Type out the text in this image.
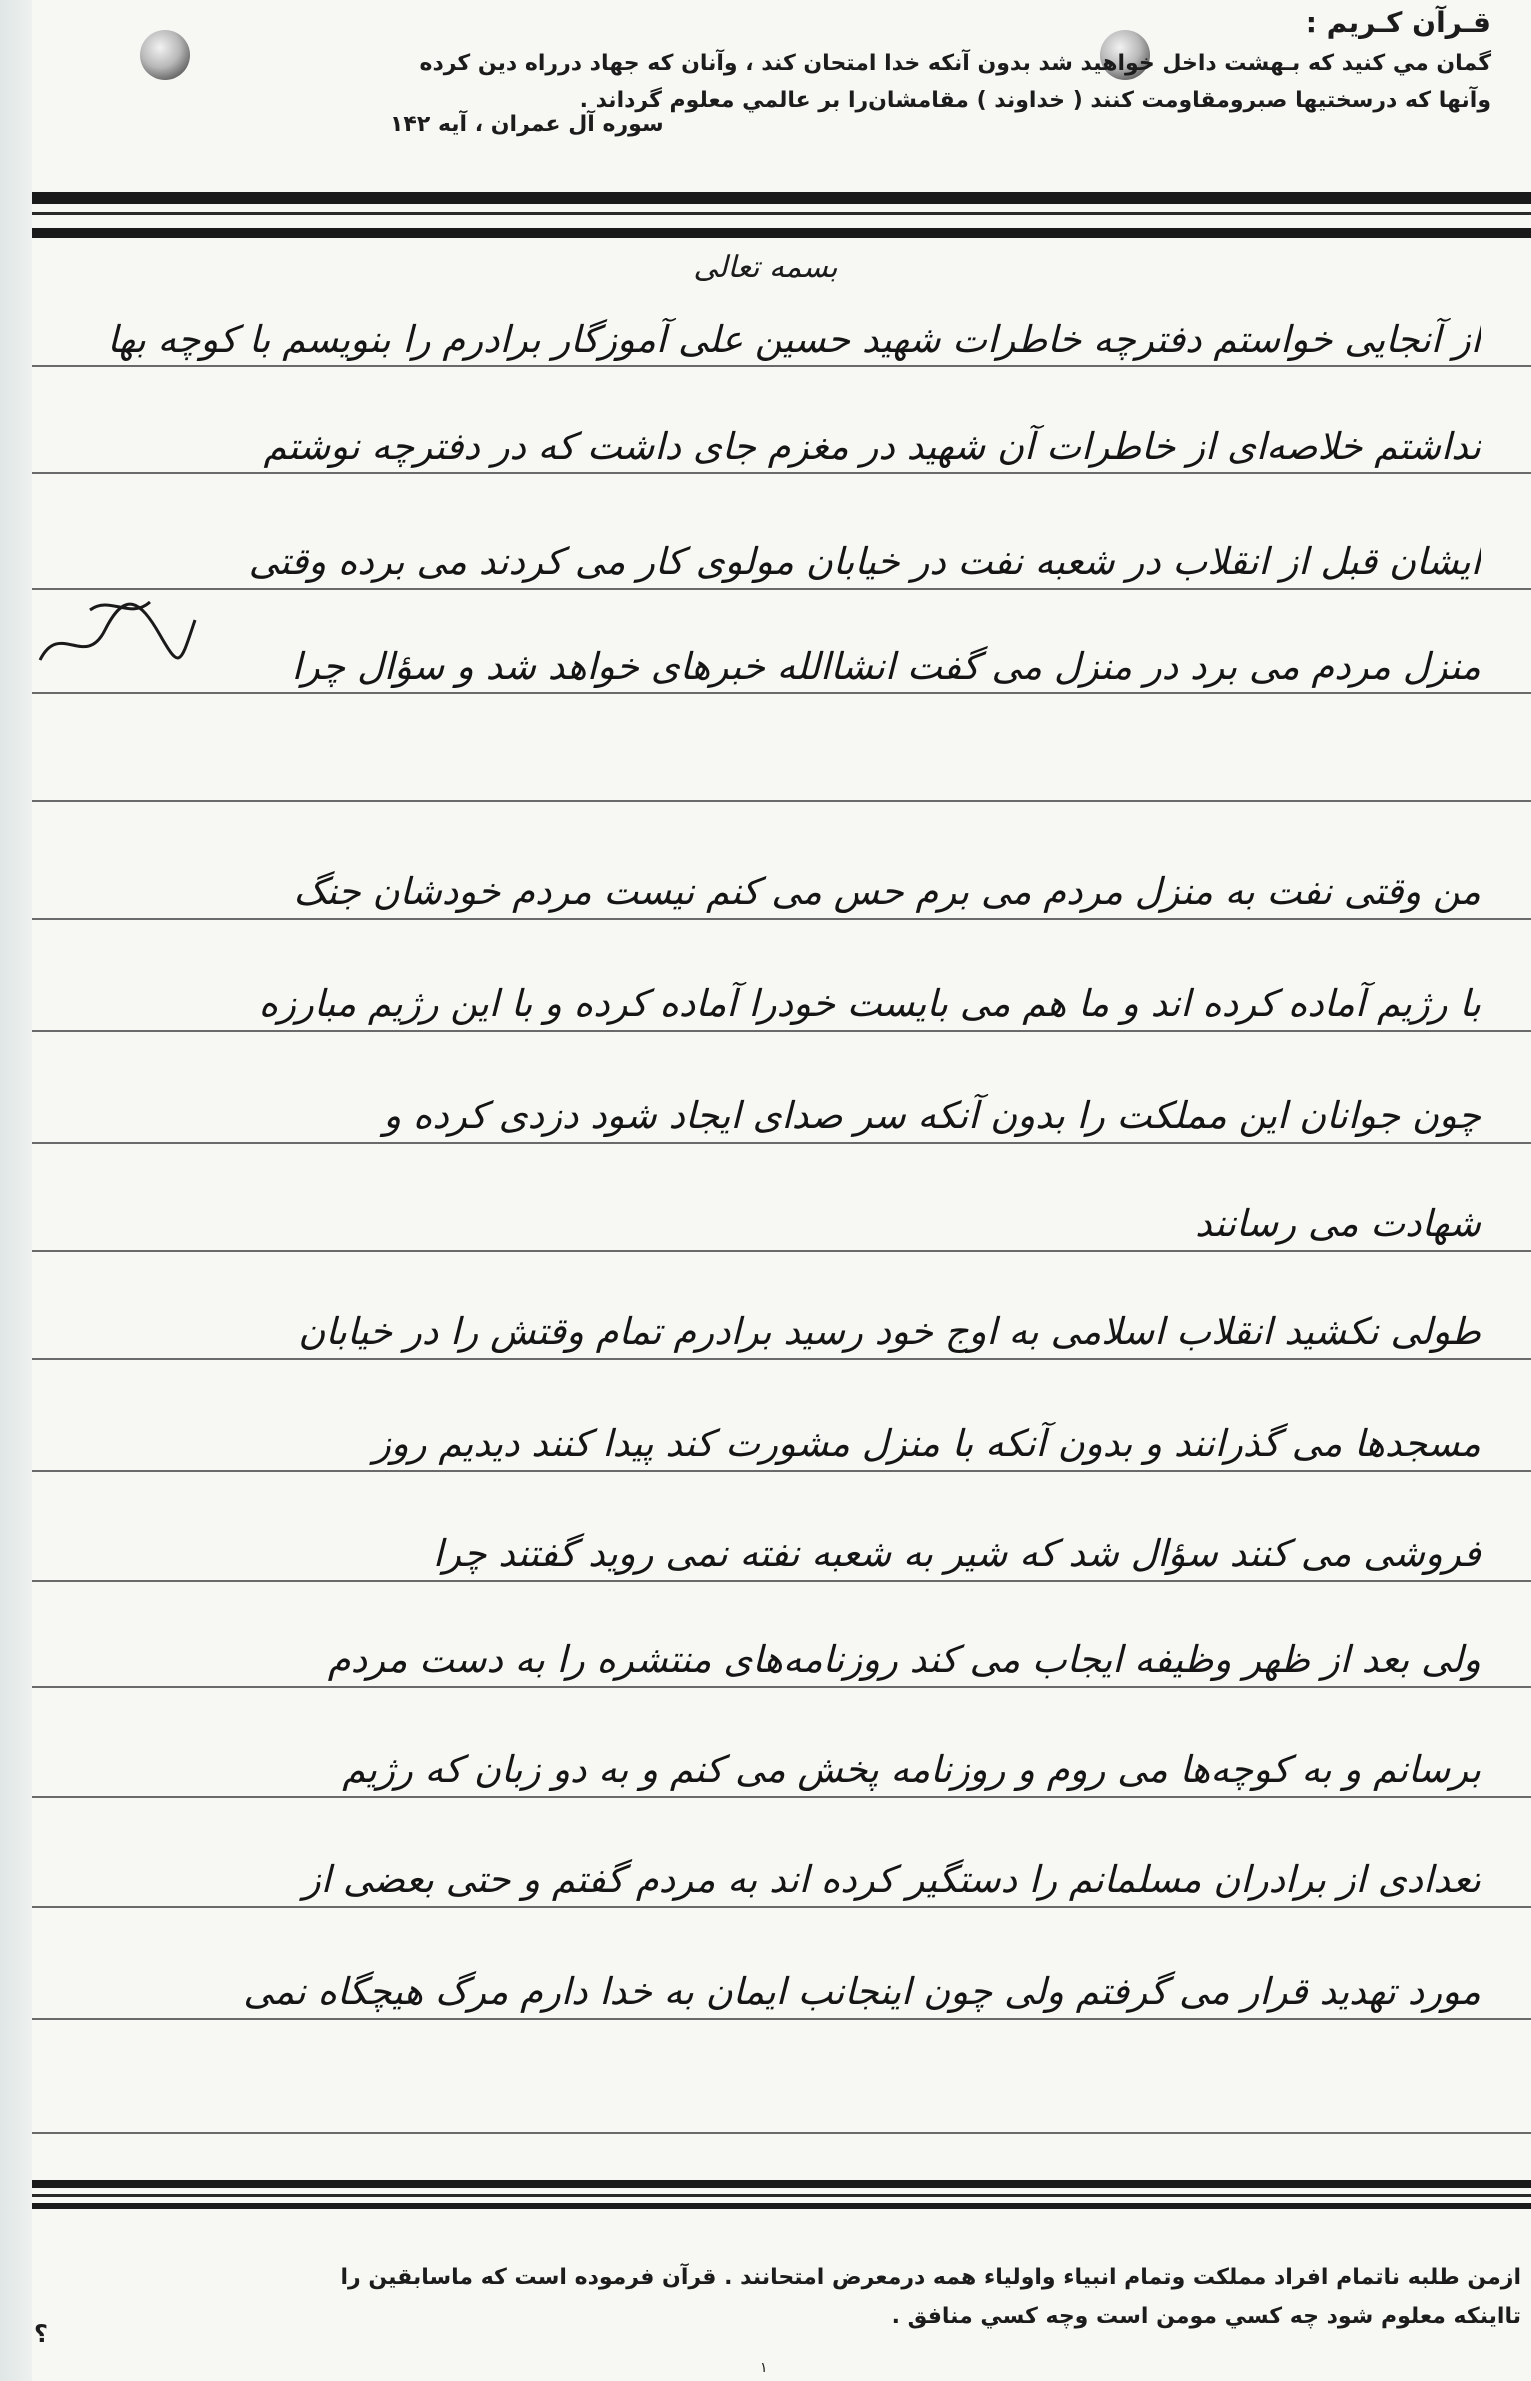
قـرآن كـريم :

گمان مي كنيد كه بـهشت داخل خواهيد شد بدون آنكه خدا امتحان كند ، وآنان كه جهاد درراه دين كرده

وآنها كه درسختيها صبرومقاومت كنند ( خداوند ) مقامشان‌را بر عالمي معلوم گرداند .

سوره آل عمران ، آيه ۱۴۲
بسمه تعالى
از آنجايى خواستم دفترچه خاطرات شهيد حسين على آموزگار برادرم را بنويسم با كوچه بها
نداشتم خلاصه‌اى از خاطرات آن شهيد در مغزم جاى داشت كه در دفترچه نوشتم
ايشان قبل از انقلاب در شعبه نفت در خيابان مولوى كار مى كردند مى برده وقتى
منزل مردم مى برد در منزل مى گفت انشاالله خبرهاى خواهد شد و سؤال چرا
من وقتى نفت به منزل مردم مى برم حس مى كنم نيست مردم خودشان جنگ
با رژيم آماده كرده اند و ما هم مى بايست خودرا آماده كرده و با اين رژيم مبارزه
چون جوانان اين مملكت را بدون آنكه سر صداى ايجاد شود دزدى كرده و
شهادت مى رسانند
طولى نكشيد انقلاب اسلامى به اوج خود رسيد برادرم تمام وقتش را در خيابان
مسجدها مى گذرانند و بدون آنكه با منزل مشورت كند پيدا كنند ديديم روز
فروشى مى كنند سؤال شد كه شير به شعبه نفته نمى رويد گفتند چرا
ولى بعد از ظهر وظيفه ايجاب مى كند روزنامه‌هاى منتشره را به دست مردم
برسانم و به كوچه‌ها مى روم و روزنامه پخش مى كنم و به دو زبان كه رژيم
تعدادى از برادران مسلمانم را دستگير كرده اند به مردم گفتم و حتى بعضى از
مورد تهديد قرار مى گرفتم ولى چون اينجانب ايمان به خدا دارم مرگ هيچگاه نمى

ازمن طلبه ناتمام افراد مملكت وتمام انبياء واولياء همه درمعرض امتحانند . قرآن فرموده است كه ماسابقين را

تااينكه معلوم شود چه كسي مومن است وچه كسي منافق .

؟
۱
